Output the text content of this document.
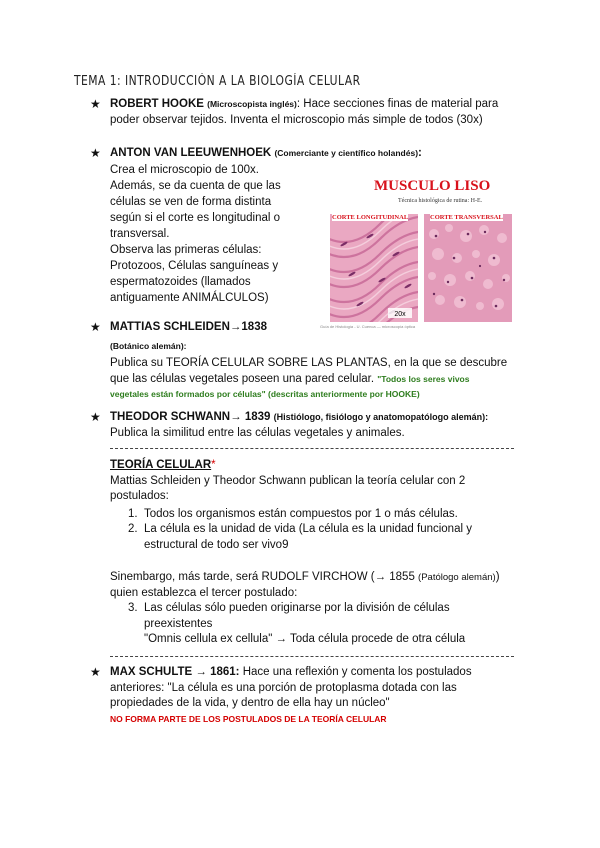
TEMA 1: INTRODUCCIÓN A LA BIOLOGÍA CELULAR
★ ROBERT HOOKE (Microscopista inglés): Hace secciones finas de material para
poder observar tejidos. Inventa el microscopio más simple de todos (30x)
★ ANTON VAN LEEUWENHOEK (Comerciante y científico holandés):
Crea el microscopio de 100x.
Además, se da cuenta de que las
células se ven de forma distinta
según si el corte es longitudinal o
transversal.
Observa las primeras células:
Protozoos, Células sanguíneas y
espermatozoides (llamados
antiguamente ANIMÁLCULOS)
MUSCULO LISO
Técnica histológica de rutina: H-E.
20x
CORTE LONGITUDINAL	CORTE TRANSVERSAL
Guía de Histología - U. Cuenca — microscopía óptica
★ MATTIAS SCHLEIDEN→1838
(Botánico alemán):
Publica su TEORÍA CELULAR SOBRE LAS PLANTAS, en la que se descubre
que las células vegetales poseen una pared celular. "Todos los seres vivos
vegetales están formados por células" (descritas anteriormente por HOOKE)
★ THEODOR SCHWANN→ 1839 (Histiólogo, fisiólogo y anatomopatólogo alemán):
Publica la similitud entre las células vegetales y animales.
TEORÍA CELULAR*
Mattias Schleiden y Theodor Schwann publican la teoría celular con 2
postulados:
1. Todos los organismos están compuestos por 1 o más células.
2. La célula es la unidad de vida (La célula es la unidad funcional y
estructural de todo ser vivo9
Sinembargo, más tarde, será RUDOLF VIRCHOW (→ 1855 (Patólogo alemán))
quien establezca el tercer postulado:
3. Las células sólo pueden originarse por la división de células
preexistentes
"Omnis cellula ex cellula" → Toda célula procede de otra célula
★ MAX SCHULTE → 1861: Hace una reflexión y comenta los postulados
anteriores: "La célula es una porción de protoplasma dotada con las
propiedades de la vida, y dentro de ella hay un núcleo"
NO FORMA PARTE DE LOS POSTULADOS DE LA TEORÍA CELULAR
